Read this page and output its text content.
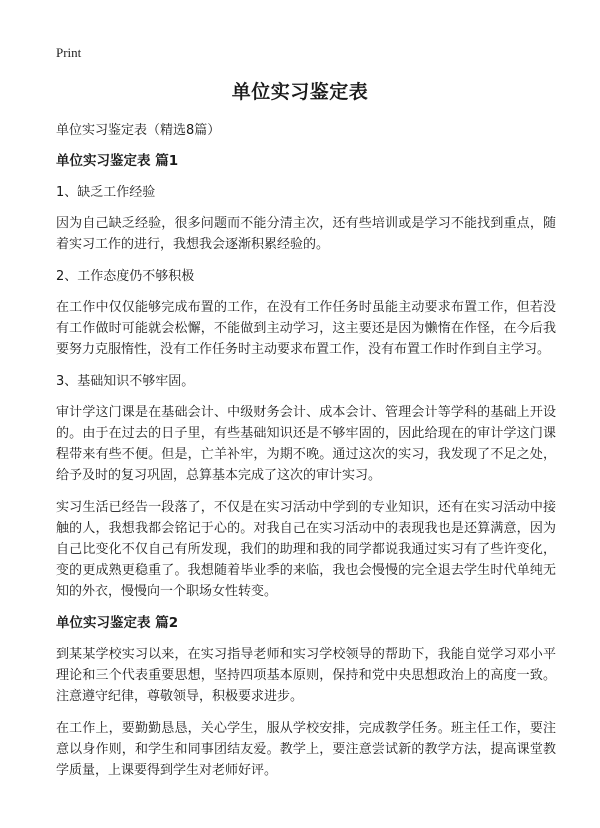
Print
单位实习鉴定表

单位实习鉴定表（精选8篇）

单位实习鉴定表 篇1

1、缺乏工作经验

因为自己缺乏经验，很多问题而不能分清主次，还有些培训或是学习不能找到重点，随着实习工作的进行，我想我会逐渐积累经验的。

2、工作态度仍不够积极

在工作中仅仅能够完成布置的工作，在没有工作任务时虽能主动要求布置工作，但若没有工作做时可能就会松懈，不能做到主动学习，这主要还是因为懒惰在作怪，在今后我要努力克服惰性，没有工作任务时主动要求布置工作，没有布置工作时作到自主学习。

3、基础知识不够牢固。

审计学这门课是在基础会计、中级财务会计、成本会计、管理会计等学科的基础上开设的。由于在过去的日子里，有些基础知识还是不够牢固的，因此给现在的审计学这门课程带来有些不便。但是，亡羊补牢，为期不晚。通过这次的实习，我发现了不足之处，给予及时的复习巩固，总算基本完成了这次的审计实习。

实习生活已经告一段落了，不仅是在实习活动中学到的专业知识，还有在实习活动中接触的人，我想我都会铭记于心的。对我自己在实习活动中的表现我也是还算满意，因为自己比变化不仅自己有所发现，我们的助理和我的同学都说我通过实习有了些许变化，变的更成熟更稳重了。我想随着毕业季的来临，我也会慢慢的完全退去学生时代单纯无知的外衣，慢慢向一个职场女性转变。

单位实习鉴定表 篇2

到某某学校实习以来，在实习指导老师和实习学校领导的帮助下，我能自觉学习邓小平理论和三个代表重要思想，坚持四项基本原则，保持和党中央思想政治上的高度一致。注意遵守纪律，尊敬领导，积极要求进步。

在工作上，要勤勤恳恳，关心学生，服从学校安排，完成教学任务。班主任工作，要注意以身作则，和学生和同事团结友爱。教学上，要注意尝试新的教学方法，提高课堂教学质量，上课要得到学生对老师好评。
